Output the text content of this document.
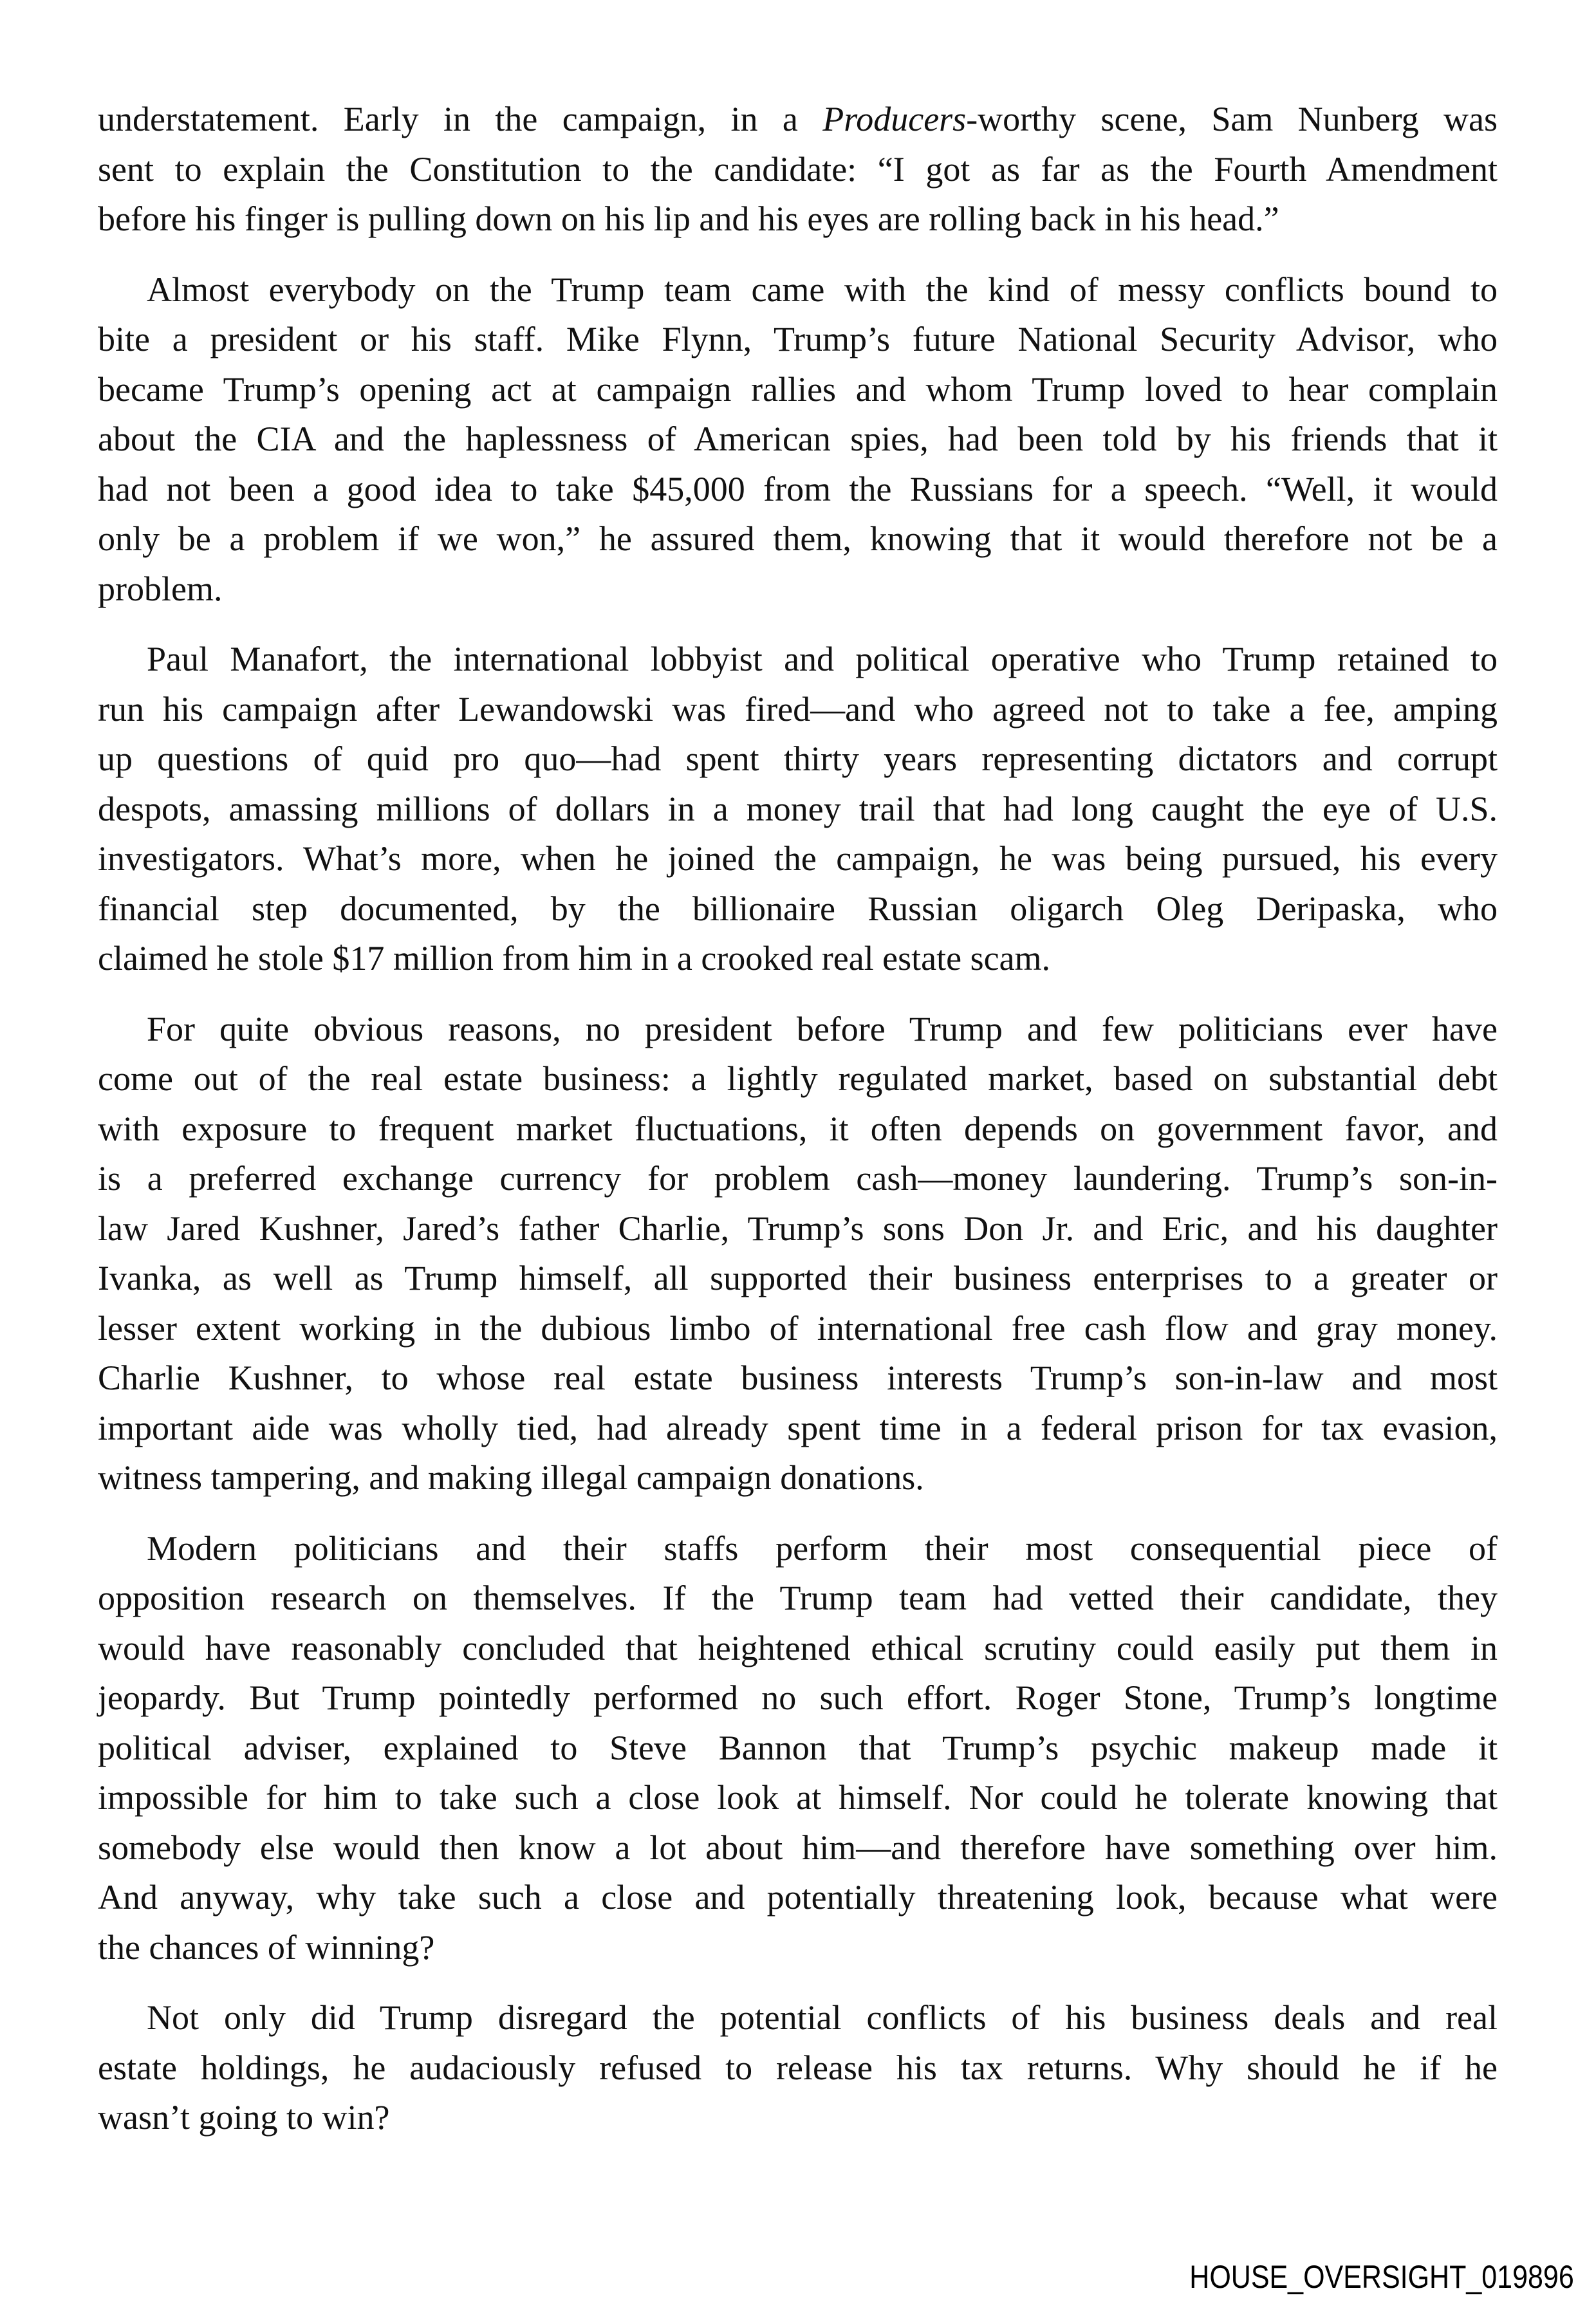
understatement. Early in the campaign, in a Producers-worthy scene, Sam Nunberg was
sent to explain the Constitution to the candidate: “I got as far as the Fourth Amendment
before his finger is pulling down on his lip and his eyes are rolling back in his head.”

Almost everybody on the Trump team came with the kind of messy conflicts bound to
bite a president or his staff. Mike Flynn, Trump’s future National Security Advisor, who
became Trump’s opening act at campaign rallies and whom Trump loved to hear complain
about the CIA and the haplessness of American spies, had been told by his friends that it
had not been a good idea to take $45,000 from the Russians for a speech. “Well, it would
only be a problem if we won,” he assured them, knowing that it would therefore not be a
problem.

Paul Manafort, the international lobbyist and political operative who Trump retained to
run his campaign after Lewandowski was fired—and who agreed not to take a fee, amping
up questions of quid pro quo—had spent thirty years representing dictators and corrupt
despots, amassing millions of dollars in a money trail that had long caught the eye of U.S.
investigators. What’s more, when he joined the campaign, he was being pursued, his every
financial step documented, by the billionaire Russian oligarch Oleg Deripaska, who
claimed he stole $17 million from him in a crooked real estate scam.

For quite obvious reasons, no president before Trump and few politicians ever have
come out of the real estate business: a lightly regulated market, based on substantial debt
with exposure to frequent market fluctuations, it often depends on government favor, and
is a preferred exchange currency for problem cash—money laundering. Trump’s son-in-
law Jared Kushner, Jared’s father Charlie, Trump’s sons Don Jr. and Eric, and his daughter
Ivanka, as well as Trump himself, all supported their business enterprises to a greater or
lesser extent working in the dubious limbo of international free cash flow and gray money.
Charlie Kushner, to whose real estate business interests Trump’s son-in-law and most
important aide was wholly tied, had already spent time in a federal prison for tax evasion,
witness tampering, and making illegal campaign donations.

Modern politicians and their staffs perform their most consequential piece of
opposition research on themselves. If the Trump team had vetted their candidate, they
would have reasonably concluded that heightened ethical scrutiny could easily put them in
jeopardy. But Trump pointedly performed no such effort. Roger Stone, Trump’s longtime
political adviser, explained to Steve Bannon that Trump’s psychic makeup made it
impossible for him to take such a close look at himself. Nor could he tolerate knowing that
somebody else would then know a lot about him—and therefore have something over him.
And anyway, why take such a close and potentially threatening look, because what were
the chances of winning?

Not only did Trump disregard the potential conflicts of his business deals and real
estate holdings, he audaciously refused to release his tax returns. Why should he if he
wasn’t going to win?

HOUSE_OVERSIGHT_019896
